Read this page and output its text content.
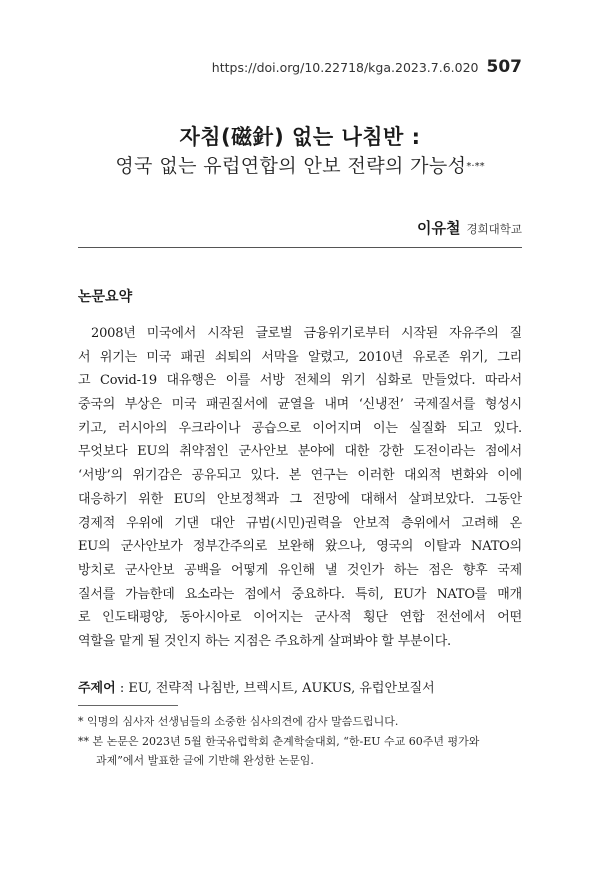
https://doi.org/10.22718/kga.2023.7.6.020 507
자침(磁針) 없는 나침반 :
영국 없는 유럽연합의 안보 전략의 가능성*·**
이유철 경희대학교
논문요약
2008년 미국에서 시작된 글로벌 금융위기로부터 시작된 자유주의 질
서 위기는 미국 패권 쇠퇴의 서막을 알렸고, 2010년 유로존 위기, 그리
고 Covid-19 대유행은 이를 서방 전체의 위기 심화로 만들었다. 따라서
중국의 부상은 미국 패권질서에 균열을 내며 ‘신냉전’ 국제질서를 형성시
키고, 러시아의 우크라이나 공습으로 이어지며 이는 실질화 되고 있다.
무엇보다 EU의 취약점인 군사안보 분야에 대한 강한 도전이라는 점에서
‘서방’의 위기감은 공유되고 있다. 본 연구는 이러한 대외적 변화와 이에
대응하기 위한 EU의 안보정책과 그 전망에 대해서 살펴보았다. 그동안
경제적 우위에 기댄 대안 규범(시민)권력을 안보적 층위에서 고려해 온
EU의 군사안보가 정부간주의로 보완해 왔으나, 영국의 이탈과 NATO의
방치로 군사안보 공백을 어떻게 유인해 낼 것인가 하는 점은 향후 국제
질서를 가늠한데 요소라는 점에서 중요하다. 특히, EU가 NATO를 매개
로 인도태평양, 동아시아로 이어지는 군사적 횡단 연합 전선에서 어떤
역할을 맡게 될 것인지 하는 지점은 주요하게 살펴봐야 할 부분이다.
주제어 : EU, 전략적 나침반, 브렉시트, AUKUS, 유럽안보질서
* 익명의 심사자 선생님들의 소중한 심사의견에 감사 말씀드립니다.
** 본 논문은 2023년 5월 한국유럽학회 춘계학술대회, “한-EU 수교 60주년 평가와
과제”에서 발표한 글에 기반해 완성한 논문임.
